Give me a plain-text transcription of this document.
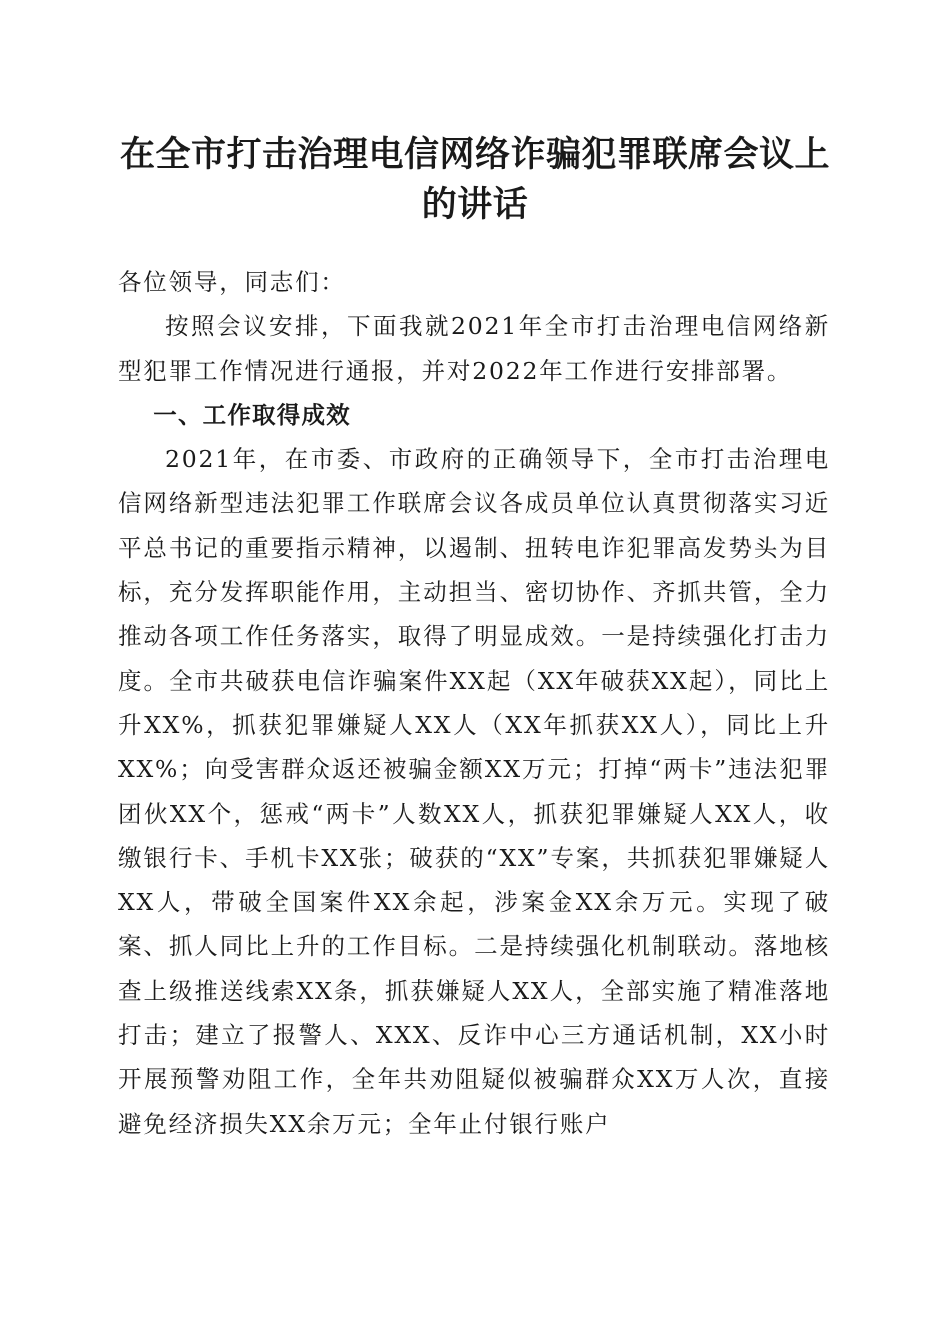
在全市打击治理电信网络诈骗犯罪联席会议上
的讲话

各位领导，同志们：

按照会议安排，下面我就2021年全市打击治理电信网络新型犯罪工作情况进行通报，并对2022年工作进行安排部署。

一、工作取得成效

2021年，在市委、市政府的正确领导下，全市打击治理电信网络新型违法犯罪工作联席会议各成员单位认真贯彻落实习近平总书记的重要指示精神，以遏制、扭转电诈犯罪高发势头为目标，充分发挥职能作用，主动担当、密切协作、齐抓共管，全力推动各项工作任务落实，取得了明显成效。一是持续强化打击力度。全市共破获电信诈骗案件XX起（XX年破获XX起），同比上升XX%，抓获犯罪嫌疑人XX人（XX年抓获XX人），同比上升XX%；向受害群众返还被骗金额XX万元；打掉“两卡”违法犯罪团伙XX个，惩戒“两卡”人数XX人，抓获犯罪嫌疑人XX人，收缴银行卡、手机卡XX张；破获的“XX”专案，共抓获犯罪嫌疑人XX人，带破全国案件XX余起，涉案金XX余万元。实现了破案、抓人同比上升的工作目标。二是持续强化机制联动。落地核查上级推送线索XX条，抓获嫌疑人XX人，全部实施了精准落地打击；建立了报警人、XXX、反诈中心三方通话机制，XX小时开展预警劝阻工作，全年共劝阻疑似被骗群众XX万人次，直接避免经济损失XX余万元；全年止付银行账户
